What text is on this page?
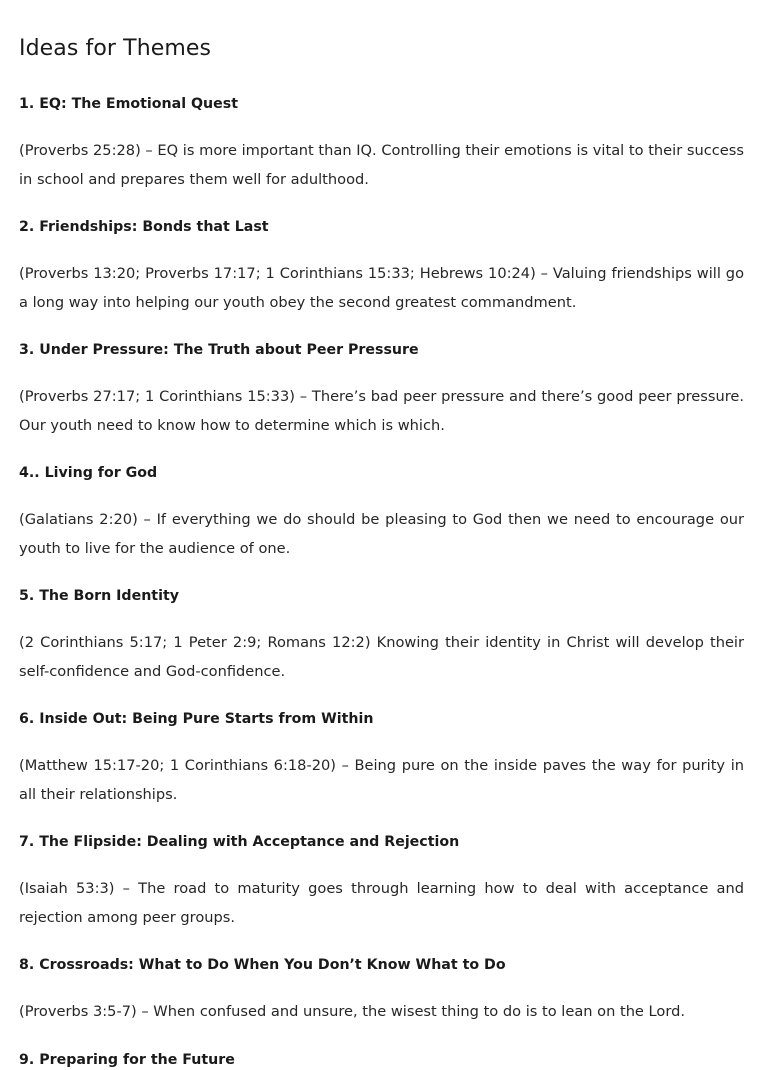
Ideas for Themes

1. EQ: The Emotional Quest

(Proverbs 25:28) – EQ is more important than IQ. Controlling their emotions is vital to their success in school and prepares them well for adulthood.

2. Friendships: Bonds that Last

(Proverbs 13:20; Proverbs 17:17; 1 Corinthians 15:33; Hebrews 10:24) – Valuing friendships will go a long way into helping our youth obey the second greatest commandment.

3. Under Pressure: The Truth about Peer Pressure

(Proverbs 27:17; 1 Corinthians 15:33) – There’s bad peer pressure and there’s good peer pressure. Our youth need to know how to determine which is which.

4.. Living for God

(Galatians 2:20) – If everything we do should be pleasing to God then we need to encourage our youth to live for the audience of one.

5. The Born Identity

(2 Corinthians 5:17; 1 Peter 2:9; Romans 12:2) Knowing their identity in Christ will develop their self-confidence and God-confidence.

6. Inside Out: Being Pure Starts from Within

(Matthew 15:17-20; 1 Corinthians 6:18-20) – Being pure on the inside paves the way for purity in all their relationships.

7. The Flipside: Dealing with Acceptance and Rejection

(Isaiah 53:3) – The road to maturity goes through learning how to deal with acceptance and rejection among peer groups.

8. Crossroads: What to Do When You Don’t Know What to Do

(Proverbs 3:5-7) – When confused and unsure, the wisest thing to do is to lean on the Lord.

9. Preparing for the Future
